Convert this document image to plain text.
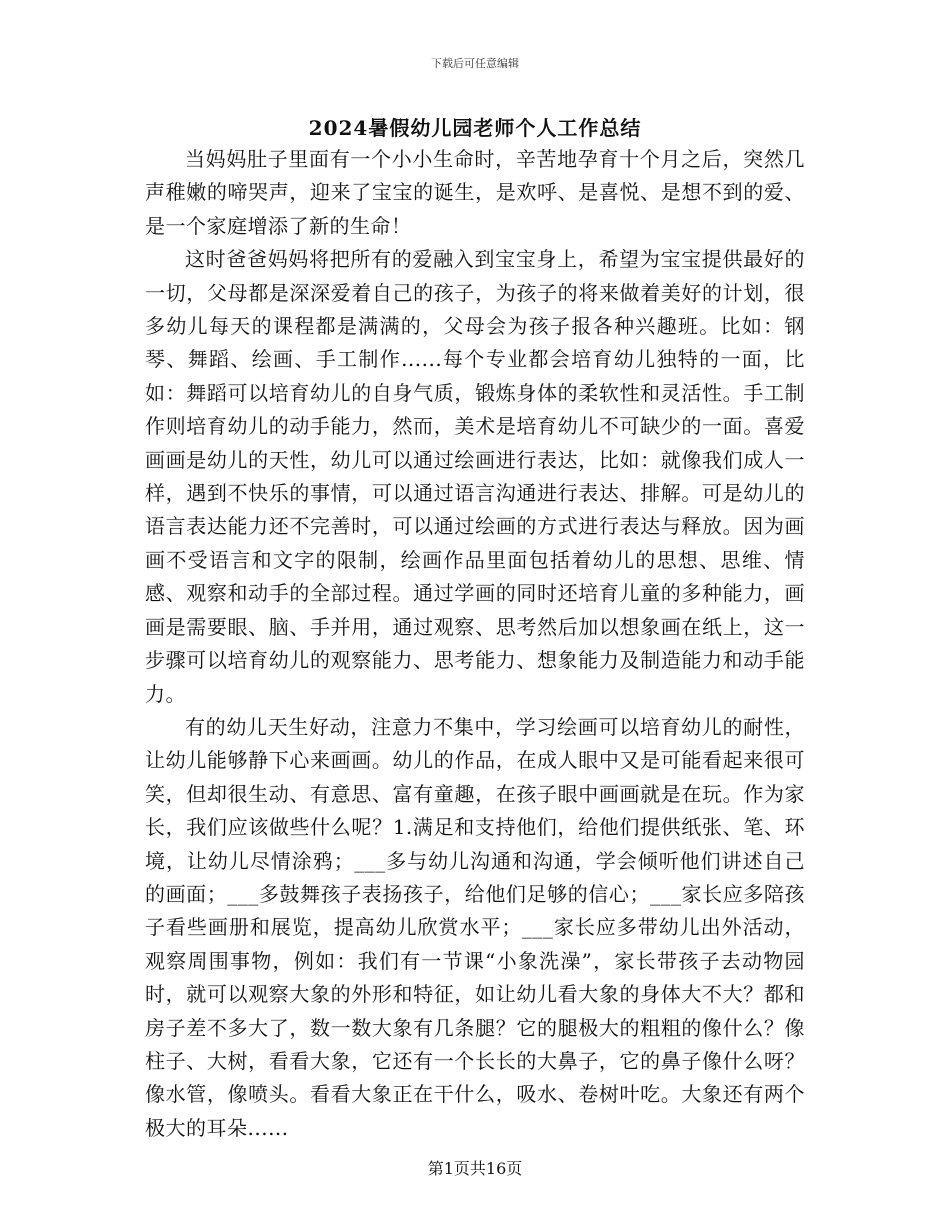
下载后可任意编辑
2024暑假幼儿园老师个人工作总结

当妈妈肚子里面有一个小小生命时，辛苦地孕育十个月之后，突然几声稚嫩的啼哭声，迎来了宝宝的诞生，是欢呼、是喜悦、是想不到的爱、是一个家庭增添了新的生命！

这时爸爸妈妈将把所有的爱融入到宝宝身上，希望为宝宝提供最好的一切，父母都是深深爱着自己的孩子，为孩子的将来做着美好的计划，很多幼儿每天的课程都是满满的，父母会为孩子报各种兴趣班。比如：钢琴、舞蹈、绘画、手工制作......每个专业都会培育幼儿独特的一面，比如：舞蹈可以培育幼儿的自身气质，锻炼身体的柔软性和灵活性。手工制作则培育幼儿的动手能力，然而，美术是培育幼儿不可缺少的一面。喜爱画画是幼儿的天性，幼儿可以通过绘画进行表达，比如：就像我们成人一样，遇到不快乐的事情，可以通过语言沟通进行表达、排解。可是幼儿的语言表达能力还不完善时，可以通过绘画的方式进行表达与释放。因为画画不受语言和文字的限制，绘画作品里面包括着幼儿的思想、思维、情感、观察和动手的全部过程。通过学画的同时还培育儿童的多种能力，画画是需要眼、脑、手并用，通过观察、思考然后加以想象画在纸上，这一步骤可以培育幼儿的观察能力、思考能力、想象能力及制造能力和动手能力。

有的幼儿天生好动，注意力不集中，学习绘画可以培育幼儿的耐性，让幼儿能够静下心来画画。幼儿的作品，在成人眼中又是可能看起来很可笑，但却很生动、有意思、富有童趣，在孩子眼中画画就是在玩。作为家长，我们应该做些什么呢？1.满足和支持他们，给他们提供纸张、笔、环境，让幼儿尽情涂鸦；___多与幼儿沟通和沟通，学会倾听他们讲述自己的画面；___多鼓舞孩子表扬孩子，给他们足够的信心；___家长应多陪孩子看些画册和展览，提高幼儿欣赏水平；___家长应多带幼儿出外活动，观察周围事物，例如：我们有一节课“小象洗澡”，家长带孩子去动物园时，就可以观察大象的外形和特征，如让幼儿看大象的身体大不大？都和房子差不多大了，数一数大象有几条腿？它的腿极大的粗粗的像什么？像柱子、大树，看看大象，它还有一个长长的大鼻子，它的鼻子像什么呀？像水管，像喷头。看看大象正在干什么，吸水、卷树叶吃。大象还有两个极大的耳朵......

第1页共16页
